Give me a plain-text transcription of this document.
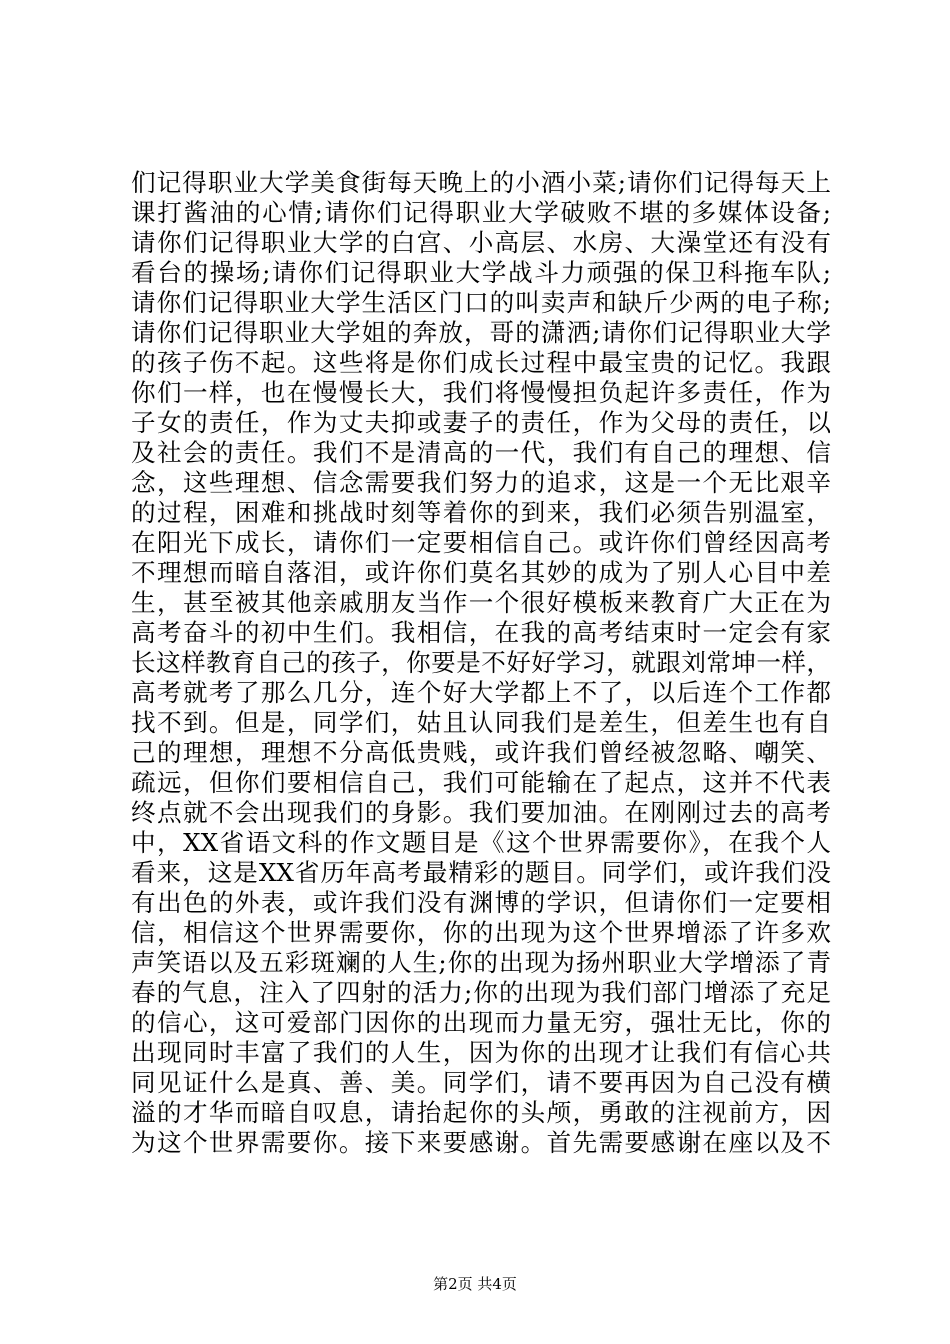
们记得职业大学美食街每天晚上的小酒小菜;请你们记得每天上
课打酱油的心情;请你们记得职业大学破败不堪的多媒体设备;
请你们记得职业大学的白宫、小高层、水房、大澡堂还有没有
看台的操场;请你们记得职业大学战斗力顽强的保卫科拖车队;
请你们记得职业大学生活区门口的叫卖声和缺斤少两的电子称;
请你们记得职业大学姐的奔放，哥的潇洒;请你们记得职业大学
的孩子伤不起。这些将是你们成长过程中最宝贵的记忆。我跟
你们一样，也在慢慢长大，我们将慢慢担负起许多责任，作为
子女的责任，作为丈夫抑或妻子的责任，作为父母的责任，以
及社会的责任。我们不是清高的一代，我们有自己的理想、信
念，这些理想、信念需要我们努力的追求，这是一个无比艰辛
的过程，困难和挑战时刻等着你的到来，我们必须告别温室，
在阳光下成长，请你们一定要相信自己。或许你们曾经因高考
不理想而暗自落泪，或许你们莫名其妙的成为了别人心目中差
生，甚至被其他亲戚朋友当作一个很好模板来教育广大正在为
高考奋斗的初中生们。我相信，在我的高考结束时一定会有家
长这样教育自己的孩子，你要是不好好学习，就跟刘常坤一样，
高考就考了那么几分，连个好大学都上不了，以后连个工作都
找不到。但是，同学们，姑且认同我们是差生，但差生也有自
己的理想，理想不分高低贵贱，或许我们曾经被忽略、嘲笑、
疏远，但你们要相信自己，我们可能输在了起点，这并不代表
终点就不会出现我们的身影。我们要加油。在刚刚过去的高考
中，XX省语文科的作文题目是《这个世界需要你》，在我个人
看来，这是XX省历年高考最精彩的题目。同学们，或许我们没
有出色的外表，或许我们没有渊博的学识，但请你们一定要相
信，相信这个世界需要你，你的出现为这个世界增添了许多欢
声笑语以及五彩斑斓的人生;你的出现为扬州职业大学增添了青
春的气息，注入了四射的活力;你的出现为我们部门增添了充足
的信心，这可爱部门因你的出现而力量无穷，强壮无比，你的
出现同时丰富了我们的人生，因为你的出现才让我们有信心共
同见证什么是真、善、美。同学们，请不要再因为自己没有横
溢的才华而暗自叹息，请抬起你的头颅，勇敢的注视前方，因
为这个世界需要你。接下来要感谢。首先需要感谢在座以及不
第2页 共4页
